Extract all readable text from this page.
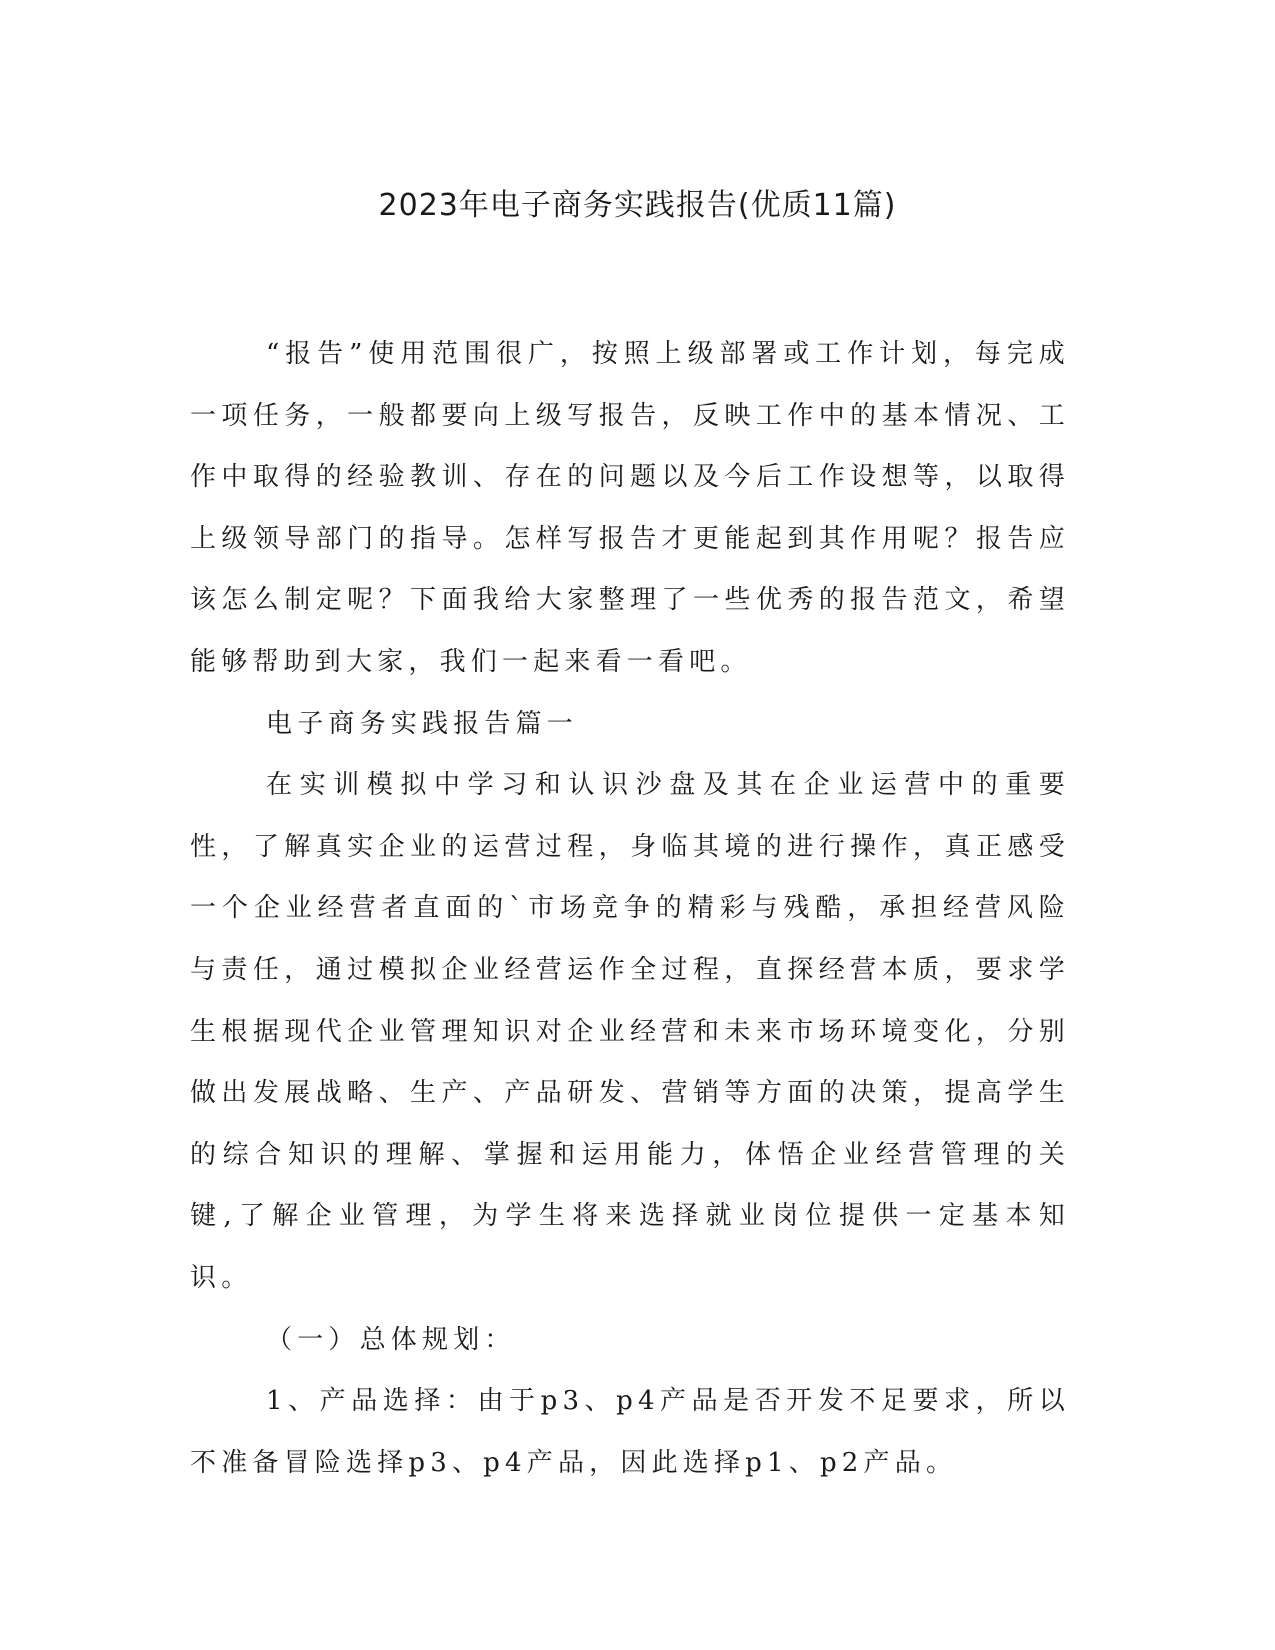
2023年电子商务实践报告(优质11篇)

“报告”使用范围很广，按照上级部署或工作计划，每完成一项任务，一般都要向上级写报告，反映工作中的基本情况、工作中取得的经验教训、存在的问题以及今后工作设想等，以取得上级领导部门的指导。怎样写报告才更能起到其作用呢？报告应该怎么制定呢？下面我给大家整理了一些优秀的报告范文，希望能够帮助到大家，我们一起来看一看吧。

电子商务实践报告篇一

在实训模拟中学习和认识沙盘及其在企业运营中的重要性，了解真实企业的运营过程，身临其境的进行操作，真正感受一个企业经营者直面的`市场竞争的精彩与残酷，承担经营风险与责任，通过模拟企业经营运作全过程，直探经营本质，要求学生根据现代企业管理知识对企业经营和未来市场环境变化，分别做出发展战略、生产、产品研发、营销等方面的决策，提高学生的综合知识的理解、掌握和运用能力，体悟企业经营管理的关键,了解企业管理，为学生将来选择就业岗位提供一定基本知识。

（一）总体规划：

1、产品选择：由于p3、p4产品是否开发不足要求，所以不准备冒险选择p3、p4产品，因此选择p1、p2产品。
